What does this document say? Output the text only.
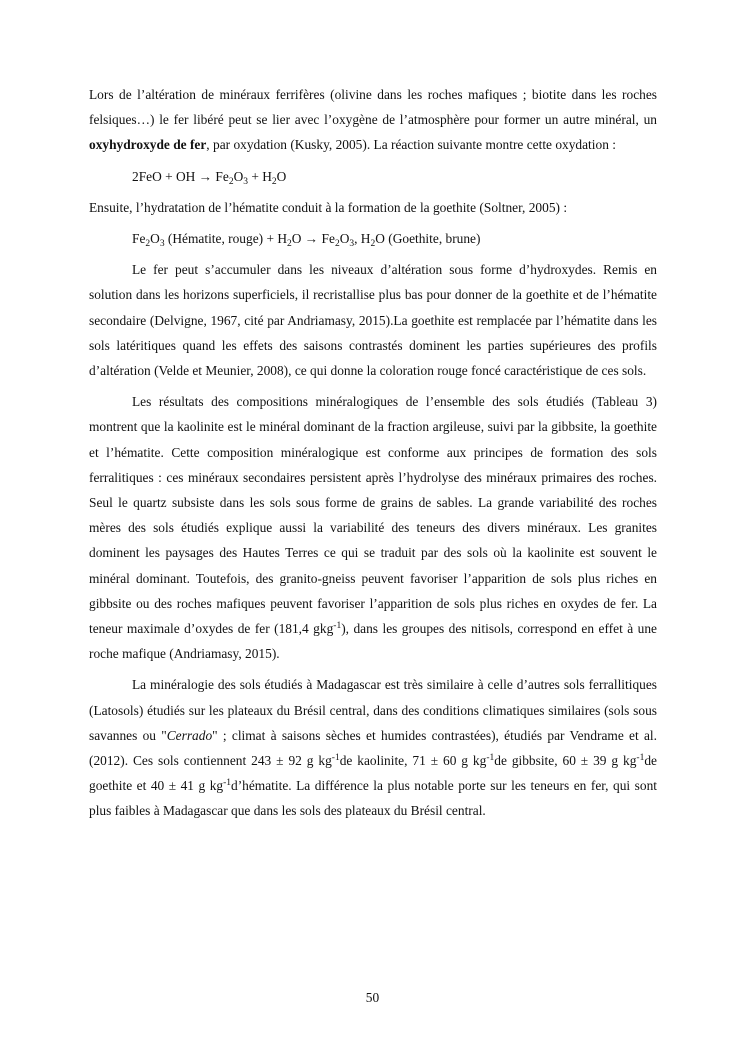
Lors de l’altération de minéraux ferrifères (olivine dans les roches mafiques ; biotite dans les roches felsiques…) le fer libéré peut se lier avec l’oxygène de l’atmosphère pour former un autre minéral, un oxyhydroxyde de fer, par oxydation (Kusky, 2005). La réaction suivante montre cette oxydation :

2FeO + OH → $Fe_2O_3 + H_2O$

Ensuite, l’hydratation de l’hématite conduit à la formation de la goethite (Soltner, 2005) :

$Fe_2O_3$ (Hématite, rouge) + $H_2O \to Fe_2O_3$, $H_2O$ (Goethite, brune)

Le fer peut s’accumuler dans les niveaux d’altération sous forme d’hydroxydes. Remis en solution dans les horizons superficiels, il recristallise plus bas pour donner de la goethite et de l’hématite secondaire (Delvigne, 1967, cité par Andriamasy, 2015).La goethite est remplacée par l’hématite dans les sols latéritiques quand les effets des saisons contrastés dominent les parties supérieures des profils d’altération (Velde et Meunier, 2008), ce qui donne la coloration rouge foncé caractéristique de ces sols.

Les résultats des compositions minéralogiques de l’ensemble des sols étudiés (Tableau 3) montrent que la kaolinite est le minéral dominant de la fraction argileuse, suivi par la gibbsite, la goethite et l’hématite. Cette composition minéralogique est conforme aux principes de formation des sols ferralitiques : ces minéraux secondaires persistent après l’hydrolyse des minéraux primaires des roches. Seul le quartz subsiste dans les sols sous forme de grains de sables. La grande variabilité des roches mères des sols étudiés explique aussi la variabilité des teneurs des divers minéraux. Les granites dominent les paysages des Hautes Terres ce qui se traduit par des sols où la kaolinite est souvent le minéral dominant. Toutefois, des granito-gneiss peuvent favoriser l’apparition de sols plus riches en gibbsite ou des roches mafiques peuvent favoriser l’apparition de sols plus riches en oxydes de fer. La teneur maximale d’oxydes de fer (181,4 gkg$^{-1}$), dans les groupes des nitisols, correspond en effet à une roche mafique (Andriamasy, 2015).

La minéralogie des sols étudiés à Madagascar est très similaire à celle d’autres sols ferrallitiques (Latosols) étudiés sur les plateaux du Brésil central, dans des conditions climatiques similaires (sols sous savannes ou "Cerrado" ; climat à saisons sèches et humides contrastées), étudiés par Vendrame et al. (2012). Ces sols contiennent 243 ± 92 g $kg^{-1}de$ kaolinite, 71 ± 60 g $kg^{-1}de$ gibbsite, 60 ± 39 g $kg^{-1}de$ goethite et 40 ± 41 g $kg^{-1}d’hématite$. La différence la plus notable porte sur les teneurs en fer, qui sont plus faibles à Madagascar que dans les sols des plateaux du Brésil central.

50
